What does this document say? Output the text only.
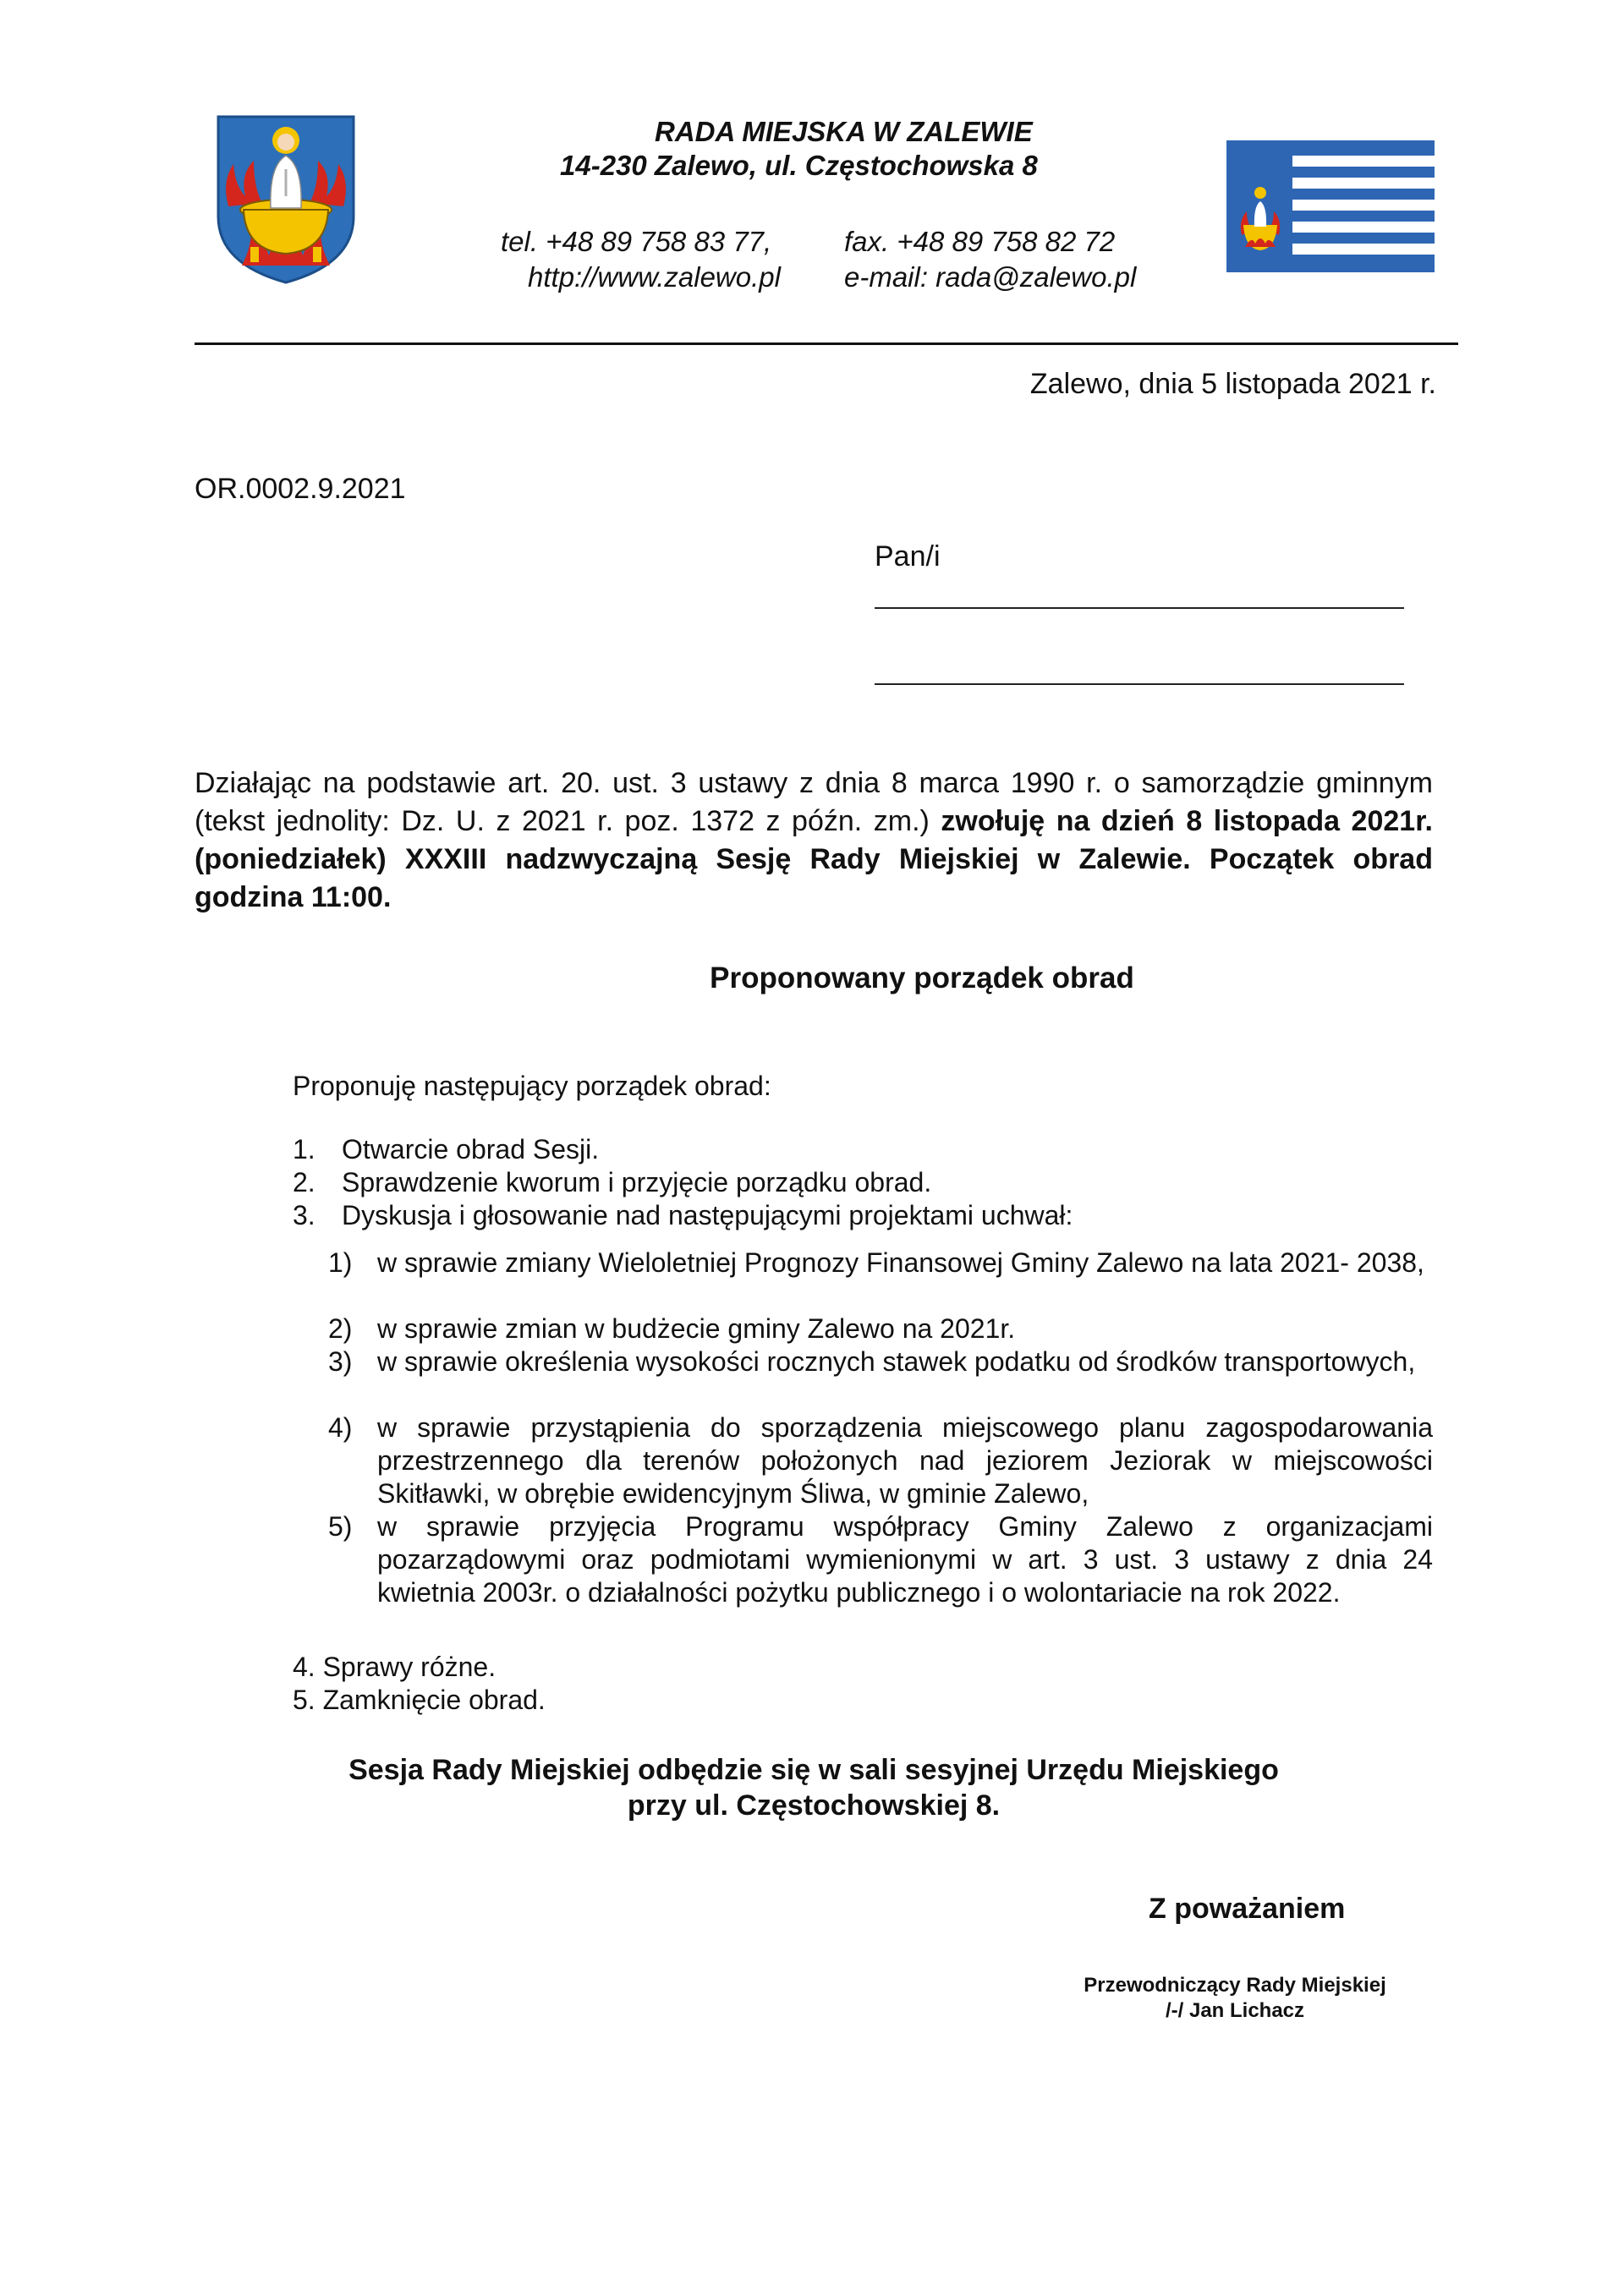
RADA MIEJSKA W ZALEWIE
14-230 Zalewo, ul. Częstochowska 8
tel. +48 89 758 83 77,	fax. +48 89 758 82 72
http://www.zalewo.pl e-mail: rada@zalewo.pl
Zalewo, dnia 5 listopada 2021 r.
OR.0002.9.2021
Pan/i
Działając na podstawie art. 20. ust. 3 ustawy z dnia 8 marca 1990 r. o samorządzie gminnym (tekst jednolity: Dz. U. z 2021 r. poz. 1372 z późn. zm.) zwołuję na dzień 8 listopada 2021r. (poniedziałek) XXXIII nadzwyczajną Sesję Rady Miejskiej w Zalewie. Początek obrad godzina 11:00.
Proponowany porządek obrad
Proponuję następujący porządek obrad:
1. Otwarcie obrad Sesji.
2. Sprawdzenie kworum i przyjęcie porządku obrad.
3. Dyskusja i głosowanie nad następującymi projektami uchwał:
1) w sprawie zmiany Wieloletniej Prognozy Finansowej Gminy Zalewo na lata 2021- 2038,
2) w sprawie zmian w budżecie gminy Zalewo na 2021r.
3) w sprawie określenia wysokości rocznych stawek podatku od środków transportowych,
4) w sprawie przystąpienia do sporządzenia miejscowego planu zagospodarowania przestrzennego dla terenów położonych nad jeziorem Jeziorak w miejscowości Skitławki, w obrębie ewidencyjnym Śliwa, w gminie Zalewo,
5) w sprawie przyjęcia Programu współpracy Gminy Zalewo z organizacjami pozarządowymi oraz podmiotami wymienionymi w art. 3 ust. 3 ustawy z dnia 24 kwietnia 2003r. o działalności pożytku publicznego i o wolontariacie na rok 2022.
4. Sprawy różne.
5. Zamknięcie obrad.
Sesja Rady Miejskiej odbędzie się w sali sesyjnej Urzędu Miejskiego
przy ul. Częstochowskiej 8.
Z poważaniem
Przewodniczący Rady Miejskiej
/-/ Jan Lichacz
